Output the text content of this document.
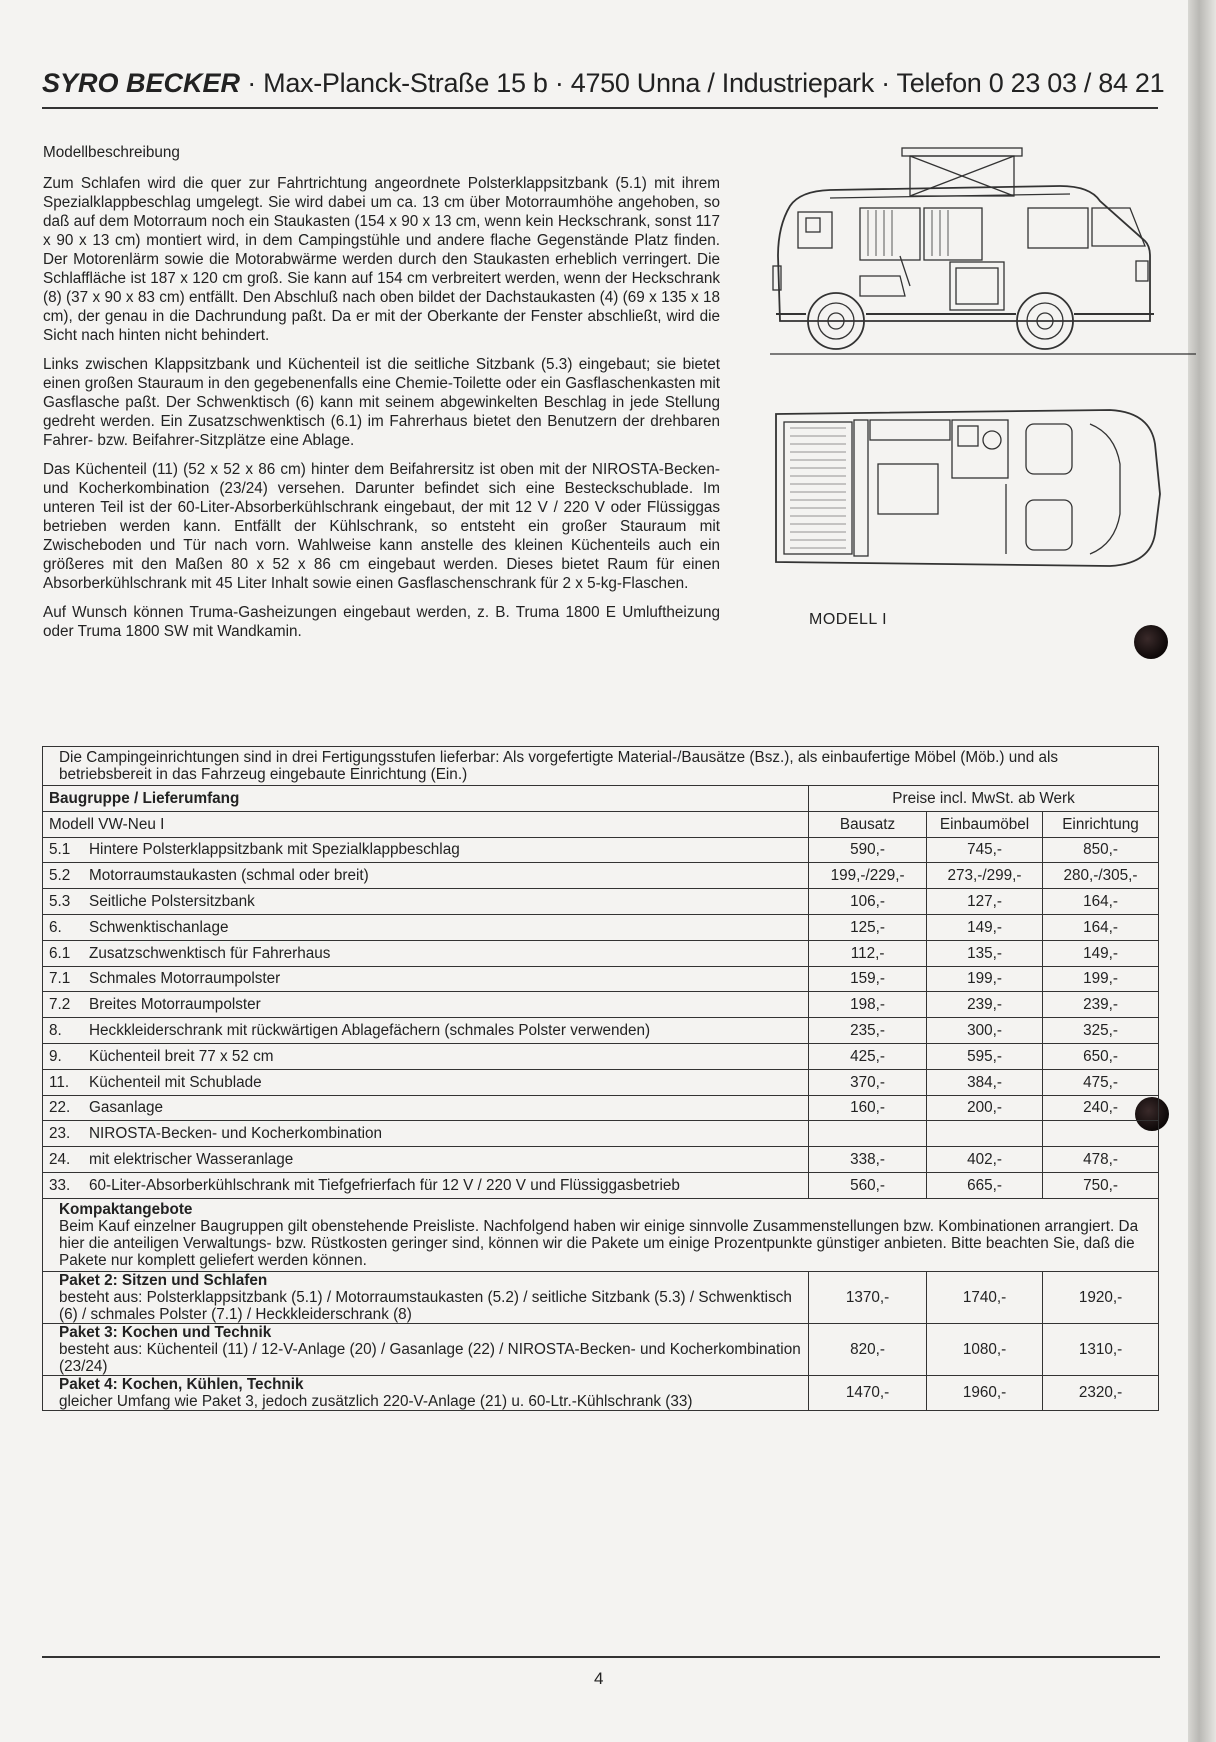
SYRO BECKER · Max-Planck-Straße 15 b · 4750 Unna / Industriepark · Telefon 0 23 03 / 84 21

Modellbeschreibung

Zum Schlafen wird die quer zur Fahrtrichtung angeordnete Polsterklappsitzbank (5.1) mit ihrem Spezialklappbeschlag umgelegt. Sie wird dabei um ca. 13 cm über Motorraumhöhe angehoben, so daß auf dem Motorraum noch ein Staukasten (154 x 90 x 13 cm, wenn kein Heckschrank, sonst 117 x 90 x 13 cm) montiert wird, in dem Campingstühle und andere flache Gegenstände Platz finden. Der Motorenlärm sowie die Motorabwärme werden durch den Staukasten erheblich verringert. Die Schlaffläche ist 187 x 120 cm groß. Sie kann auf 154 cm verbreitert werden, wenn der Heckschrank (8) (37 x 90 x 83 cm) entfällt. Den Abschluß nach oben bildet der Dachstaukasten (4) (69 x 135 x 18 cm), der genau in die Dachrundung paßt. Da er mit der Oberkante der Fenster abschließt, wird die Sicht nach hinten nicht behindert.

Links zwischen Klappsitzbank und Küchenteil ist die seitliche Sitzbank (5.3) eingebaut; sie bietet einen großen Stauraum in den gegebenenfalls eine Chemie-Toilette oder ein Gasflaschenkasten mit Gasflasche paßt. Der Schwenktisch (6) kann mit seinem abgewinkelten Beschlag in jede Stellung gedreht werden. Ein Zusatzschwenktisch (6.1) im Fahrerhaus bietet den Benutzern der drehbaren Fahrer- bzw. Beifahrer-Sitzplätze eine Ablage.

Das Küchenteil (11) (52 x 52 x 86 cm) hinter dem Beifahrersitz ist oben mit der NIROSTA-Becken- und Kocherkombination (23/24) versehen. Darunter befindet sich eine Besteckschublade. Im unteren Teil ist der 60-Liter-Absorberkühlschrank eingebaut, der mit 12 V / 220 V oder Flüssiggas betrieben werden kann. Entfällt der Kühlschrank, so entsteht ein großer Stauraum mit Zwischeboden und Tür nach vorn. Wahlweise kann anstelle des kleinen Küchenteils auch ein größeres mit den Maßen 80 x 52 x 86 cm eingebaut werden. Dieses bietet Raum für einen Absorberkühlschrank mit 45 Liter Inhalt sowie einen Gasflaschenschrank für 2 x 5-kg-Flaschen.

Auf Wunsch können Truma-Gasheizungen eingebaut werden, z. B. Truma 1800 E Umluftheizung oder Truma 1800 SW mit Wandkamin.

MODELL I
Die Campingeinrichtungen sind in drei Fertigungsstufen lieferbar: Als vorgefertigte Material-/Bausätze (Bsz.), als einbaufertige Möbel (Möb.) und als betriebsbereit in das Fahrzeug eingebaute Einrichtung (Ein.)			
Baugruppe / Lieferumfang	Preise incl. MwSt. ab Werk		
Modell VW-Neu I	Bausatz	Einbaumöbel	Einrichtung
5.1 Hintere Polsterklappsitzbank mit Spezialklappbeschlag	590,-	745,-	850,-
5.2 Motorraumstaukasten (schmal oder breit)	199,-/229,-	273,-/299,-	280,-/305,-
5.3 Seitliche Polstersitzbank	106,-	127,-	164,-
6. Schwenktischanlage	125,-	149,-	164,-
6.1 Zusatzschwenktisch für Fahrerhaus	112,-	135,-	149,-
7.1 Schmales Motorraumpolster	159,-	199,-	199,-
7.2 Breites Motorraumpolster	198,-	239,-	239,-
8. Heckkleiderschrank mit rückwärtigen Ablagefächern (schmales Polster verwenden)	235,-	300,-	325,-
9. Küchenteil breit 77 x 52 cm	425,-	595,-	650,-
11. Küchenteil mit Schublade	370,-	384,-	475,-
22. Gasanlage	160,-	200,-	240,-
23. NIROSTA-Becken- und Kocherkombination			
24. mit elektrischer Wasseranlage	338,-	402,-	478,-
33. 60-Liter-Absorberkühlschrank mit Tiefgefrierfach für 12 V / 220 V und Flüssiggasbetrieb	560,-	665,-	750,-

Kompaktangebote
Beim Kauf einzelner Baugruppen gilt obenstehende Preisliste. Nachfolgend haben wir einige sinnvolle Zusammenstellungen bzw. Kombinationen arrangiert. Da hier die anteiligen Verwaltungs- bzw. Rüstkosten geringer sind, können wir die Pakete um einige Prozentpunkte günstiger anbieten. Bitte beachten Sie, daß die Pakete nur komplett geliefert werden können.			

Paket 2: Sitzen und Schlafen
besteht aus: Polsterklappsitzbank (5.1) / Motorraumstaukasten (5.2) / seitliche Sitzbank (5.3) / Schwenktisch (6) / schmales Polster (7.1) / Heckkleiderschrank (8)	1370,-	1740,-	1920,-

Paket 3: Kochen und Technik
besteht aus: Küchenteil (11) / 12-V-Anlage (20) / Gasanlage (22) / NIROSTA-Becken- und Kocherkombination (23/24)	820,-	1080,-	1310,-

Paket 4: Kochen, Kühlen, Technik
gleicher Umfang wie Paket 3, jedoch zusätzlich 220-V-Anlage (21) u. 60-Ltr.-Kühlschrank (33)	1470,-	1960,-	2320,-
4
